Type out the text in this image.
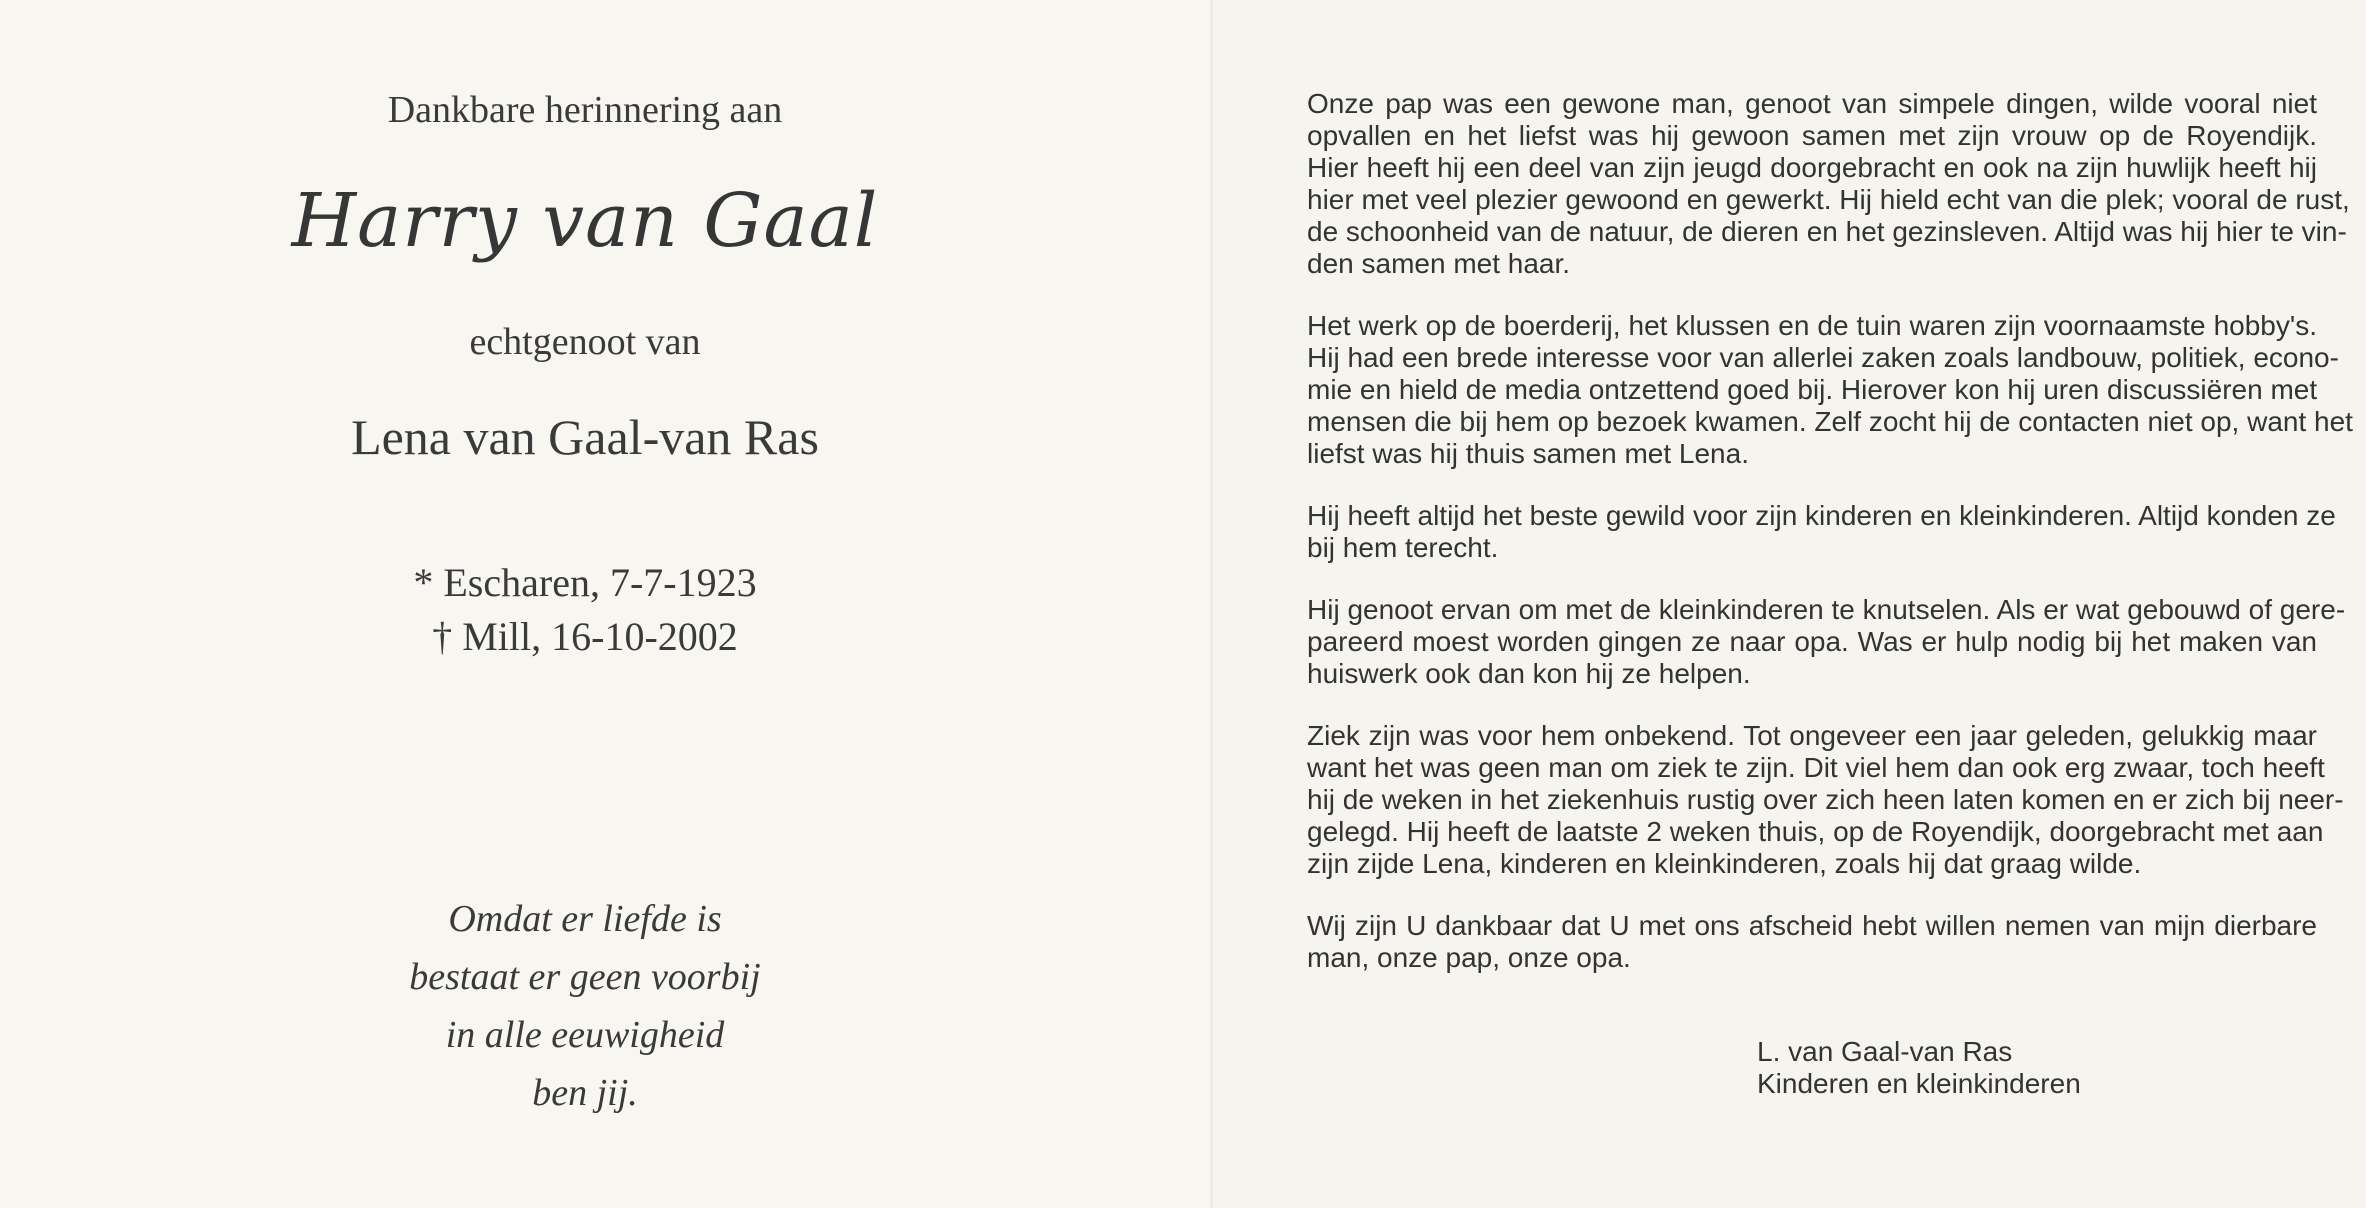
Dankbare herinnering aan
Harry van Gaal
echtgenoot van
Lena van Gaal-van Ras
* Escharen, 7-7-1923
† Mill, 16-10-2002
Omdat er liefde is
bestaat er geen voorbij
in alle eeuwigheid
ben jij.
Onze pap was een gewone man, genoot van simpele dingen, wilde vooral niet
opvallen en het liefst was hij gewoon samen met zijn vrouw op de Royendijk.
Hier heeft hij een deel van zijn jeugd doorgebracht en ook na zijn huwlijk heeft hij
hier met veel plezier gewoond en gewerkt. Hij hield echt van die plek; vooral de rust,
de schoonheid van de natuur, de dieren en het gezinsleven. Altijd was hij hier te vin-
den samen met haar.
Het werk op de boerderij, het klussen en de tuin waren zijn voornaamste hobby's.
Hij had een brede interesse voor van allerlei zaken zoals landbouw, politiek, econo-
mie en hield de media ontzettend goed bij. Hierover kon hij uren discussiëren met
mensen die bij hem op bezoek kwamen. Zelf zocht hij de contacten niet op, want het
liefst was hij thuis samen met Lena.
Hij heeft altijd het beste gewild voor zijn kinderen en kleinkinderen. Altijd konden ze
bij hem terecht.
Hij genoot ervan om met de kleinkinderen te knutselen. Als er wat gebouwd of gere-
pareerd moest worden gingen ze naar opa. Was er hulp nodig bij het maken van
huiswerk ook dan kon hij ze helpen.
Ziek zijn was voor hem onbekend. Tot ongeveer een jaar geleden, gelukkig maar
want het was geen man om ziek te zijn. Dit viel hem dan ook erg zwaar, toch heeft
hij de weken in het ziekenhuis rustig over zich heen laten komen en er zich bij neer-
gelegd. Hij heeft de laatste 2 weken thuis, op de Royendijk, doorgebracht met aan
zijn zijde Lena, kinderen en kleinkinderen, zoals hij dat graag wilde.
Wij zijn U dankbaar dat U met ons afscheid hebt willen nemen van mijn dierbare
man, onze pap, onze opa.
L. van Gaal-van Ras
Kinderen en kleinkinderen
